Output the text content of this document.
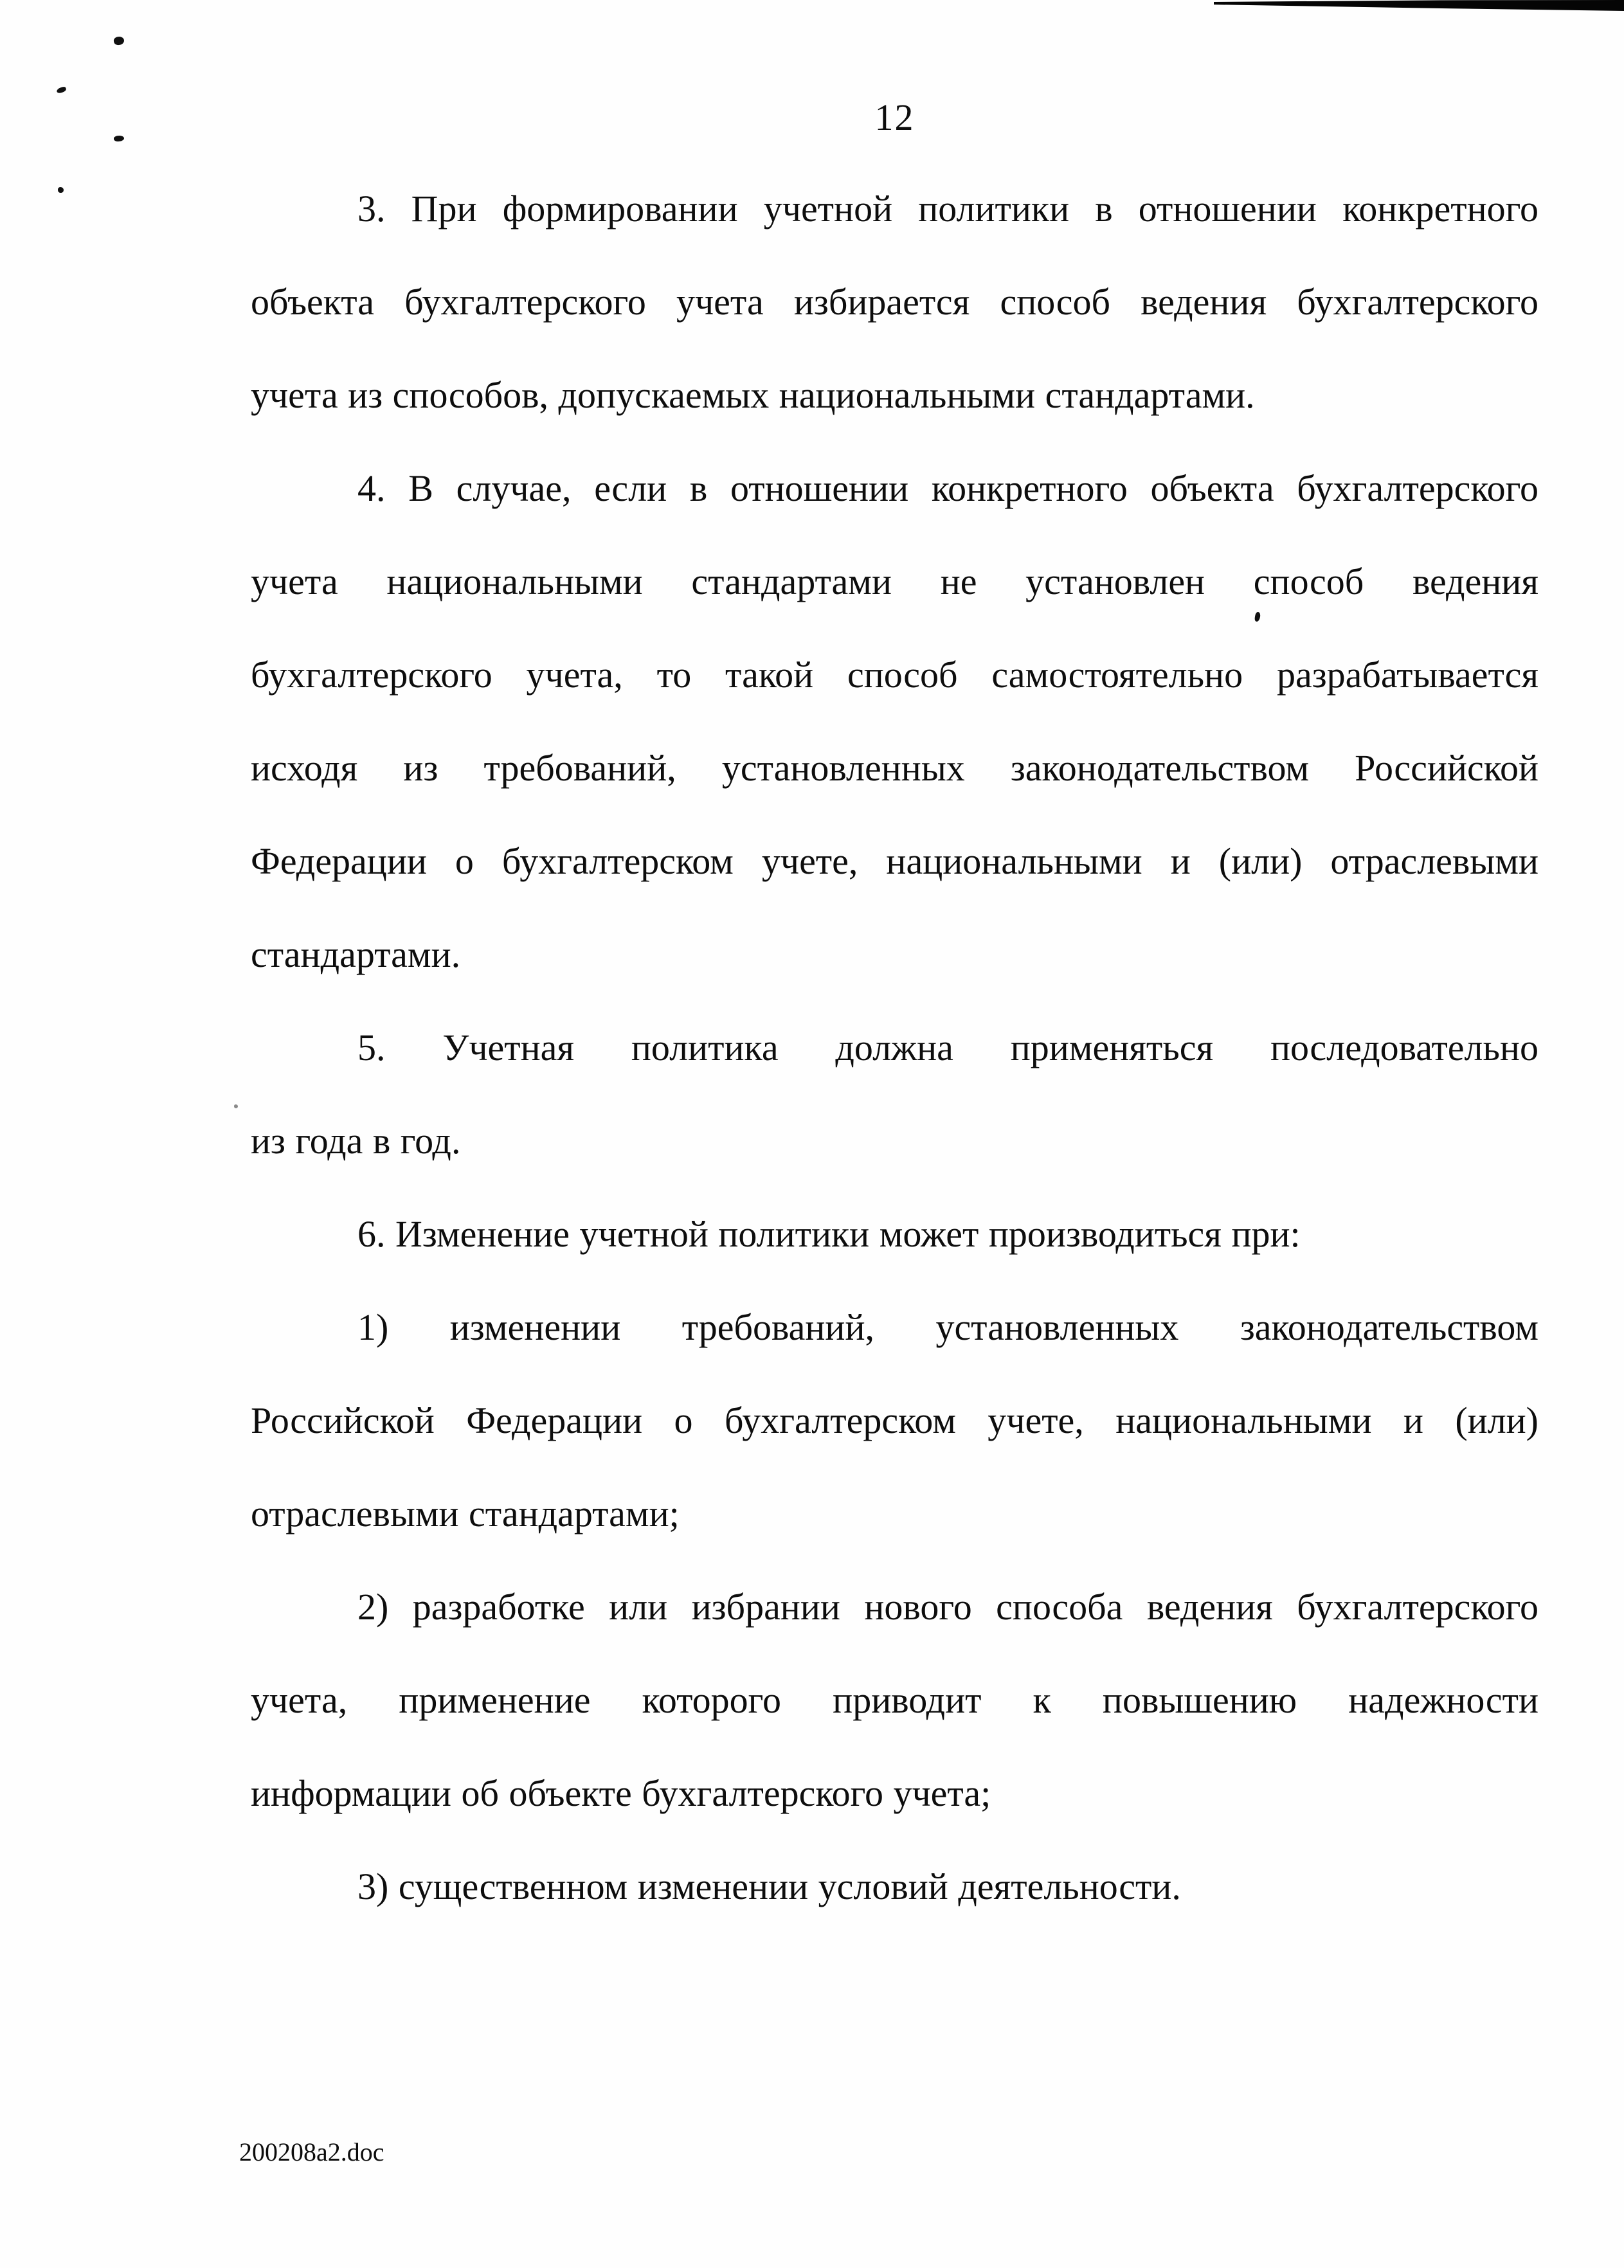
12
3. При формировании учетной политики в отношении конкретного
объекта бухгалтерского учета избирается способ ведения бухгалтерского
учета из способов, допускаемых национальными стандартами.
4. В случае, если в отношении конкретного объекта бухгалтерского
учета национальными стандартами не установлен способ ведения
бухгалтерского учета, то такой способ самостоятельно разрабатывается
исходя из требований, установленных законодательством Российской
Федерации о бухгалтерском учете, национальными и (или) отраслевыми
стандартами.
5. Учетная политика должна применяться последовательно
из года в год.
6. Изменение учетной политики может производиться при:
1) изменении требований, установленных законодательством
Российской Федерации о бухгалтерском учете, национальными и (или)
отраслевыми стандартами;
2) разработке или избрании нового способа ведения бухгалтерского
учета, применение которого приводит к повышению надежности
информации об объекте бухгалтерского учета;
3) существенном изменении условий деятельности.
200208a2.doc
